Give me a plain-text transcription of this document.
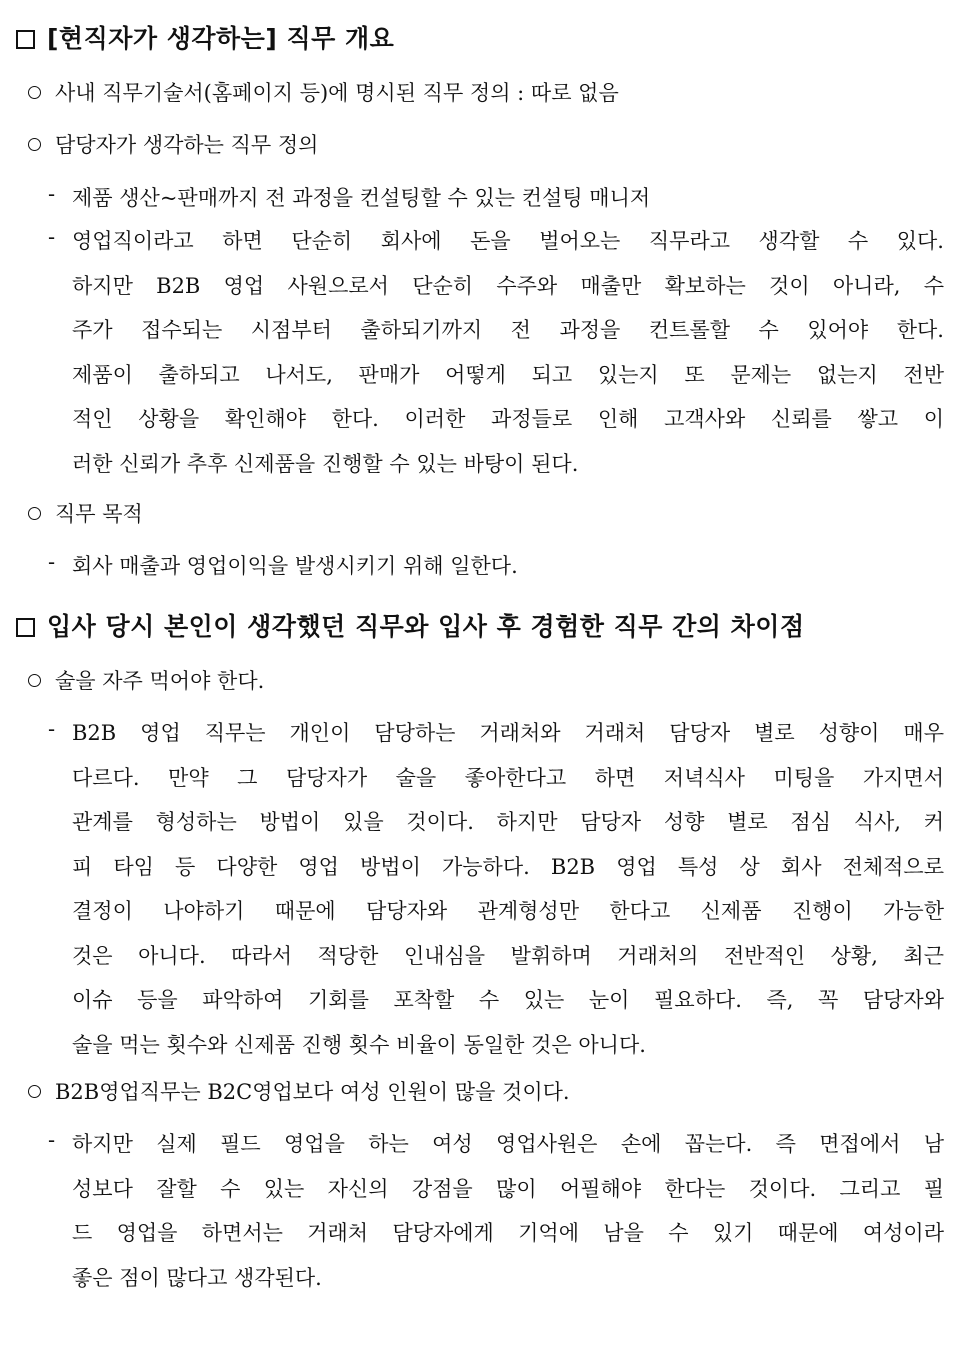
[현직자가 생각하는] 직무 개요
사내 직무기술서(홈페이지 등)에 명시된 직무 정의 : 따로 없음
담당자가 생각하는 직무 정의
- 제품 생산~판매까지 전 과정을 컨설팅할 수 있는 컨설팅 매니저
- 영업직이라고 하면 단순히 회사에 돈을 벌어오는 직무라고 생각할 수 있다.
하지만 B2B 영업 사원으로서 단순히 수주와 매출만 확보하는 것이 아니라, 수
주가 접수되는 시점부터 출하되기까지 전 과정을 컨트롤할 수 있어야 한다.
제품이 출하되고 나서도, 판매가 어떻게 되고 있는지 또 문제는 없는지 전반
적인 상황을 확인해야 한다. 이러한 과정들로 인해 고객사와 신뢰를 쌓고 이
러한 신뢰가 추후 신제품을 진행할 수 있는 바탕이 된다.
직무 목적
- 회사 매출과 영업이익을 발생시키기 위해 일한다.
입사 당시 본인이 생각했던 직무와 입사 후 경험한 직무 간의 차이점
술을 자주 먹어야 한다.
- B2B 영업 직무는 개인이 담당하는 거래처와 거래처 담당자 별로 성향이 매우
다르다. 만약 그 담당자가 술을 좋아한다고 하면 저녁식사 미팅을 가지면서
관계를 형성하는 방법이 있을 것이다. 하지만 담당자 성향 별로 점심 식사, 커
피 타임 등 다양한 영업 방법이 가능하다. B2B 영업 특성 상 회사 전체적으로
결정이 나야하기 때문에 담당자와 관계형성만 한다고 신제품 진행이 가능한
것은 아니다. 따라서 적당한 인내심을 발휘하며 거래처의 전반적인 상황, 최근
이슈 등을 파악하여 기회를 포착할 수 있는 눈이 필요하다. 즉, 꼭 담당자와
술을 먹는 횟수와 신제품 진행 횟수 비율이 동일한 것은 아니다.
B2B영업직무는 B2C영업보다 여성 인원이 많을 것이다.
- 하지만 실제 필드 영업을 하는 여성 영업사원은 손에 꼽는다. 즉 면접에서 남
성보다 잘할 수 있는 자신의 강점을 많이 어필해야 한다는 것이다. 그리고 필
드 영업을 하면서는 거래처 담당자에게 기억에 남을 수 있기 때문에 여성이라
좋은 점이 많다고 생각된다.
